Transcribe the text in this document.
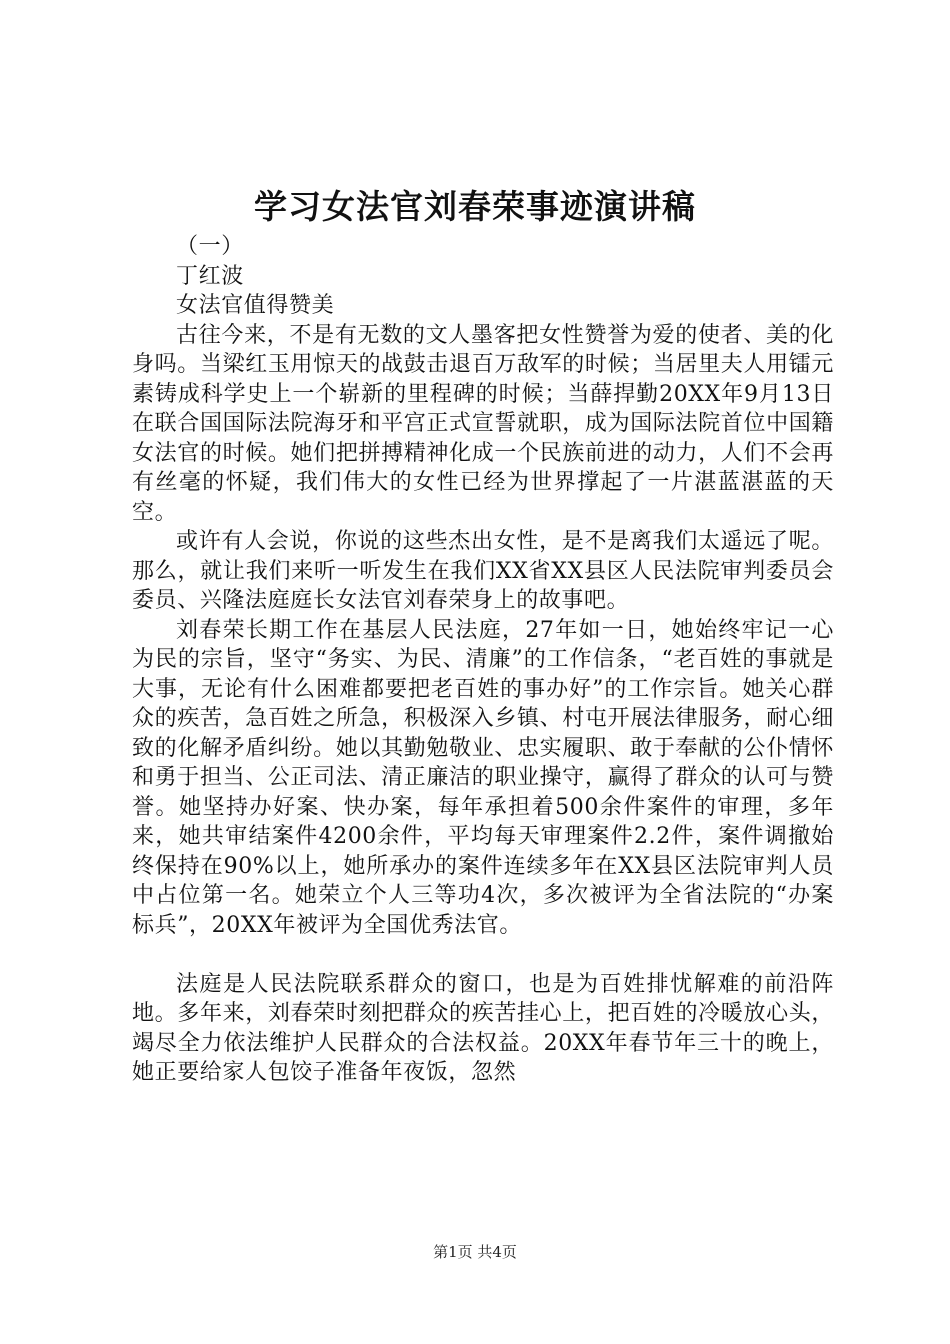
学习女法官刘春荣事迹演讲稿

（一）

丁红波

女法官值得赞美

古往今来，不是有无数的文人墨客把女性赞誉为爱的使者、美的化身吗。当梁红玉用惊天的战鼓击退百万敌军的时候；当居里夫人用镭元素铸成科学史上一个崭新的里程碑的时候；当薛捍勤20XX年9月13日在联合国国际法院海牙和平宫正式宣誓就职，成为国际法院首位中国籍女法官的时候。她们把拼搏精神化成一个民族前进的动力，人们不会再有丝毫的怀疑，我们伟大的女性已经为世界撑起了一片湛蓝湛蓝的天空。

或许有人会说，你说的这些杰出女性，是不是离我们太遥远了呢。那么，就让我们来听一听发生在我们XX省XX县区人民法院审判委员会委员、兴隆法庭庭长女法官刘春荣身上的故事吧。

刘春荣长期工作在基层人民法庭，27年如一日，她始终牢记一心为民的宗旨，坚守“务实、为民、清廉”的工作信条，“老百姓的事就是大事，无论有什么困难都要把老百姓的事办好”的工作宗旨。她关心群众的疾苦，急百姓之所急，积极深入乡镇、村屯开展法律服务，耐心细致的化解矛盾纠纷。她以其勤勉敬业、忠实履职、敢于奉献的公仆情怀和勇于担当、公正司法、清正廉洁的职业操守，赢得了群众的认可与赞誉。她坚持办好案、快办案，每年承担着500余件案件的审理，多年来，她共审结案件4200余件，平均每天审理案件2.2件，案件调撤始终保持在90%以上，她所承办的案件连续多年在XX县区法院审判人员中占位第一名。她荣立个人三等功4次，多次被评为全省法院的“办案标兵”，20XX年被评为全国优秀法官。

法庭是人民法院联系群众的窗口，也是为百姓排忧解难的前沿阵地。多年来，刘春荣时刻把群众的疾苦挂心上，把百姓的冷暖放心头，竭尽全力依法维护人民群众的合法权益。20XX年春节年三十的晚上，她正要给家人包饺子准备年夜饭，忽然

第1页 共4页
